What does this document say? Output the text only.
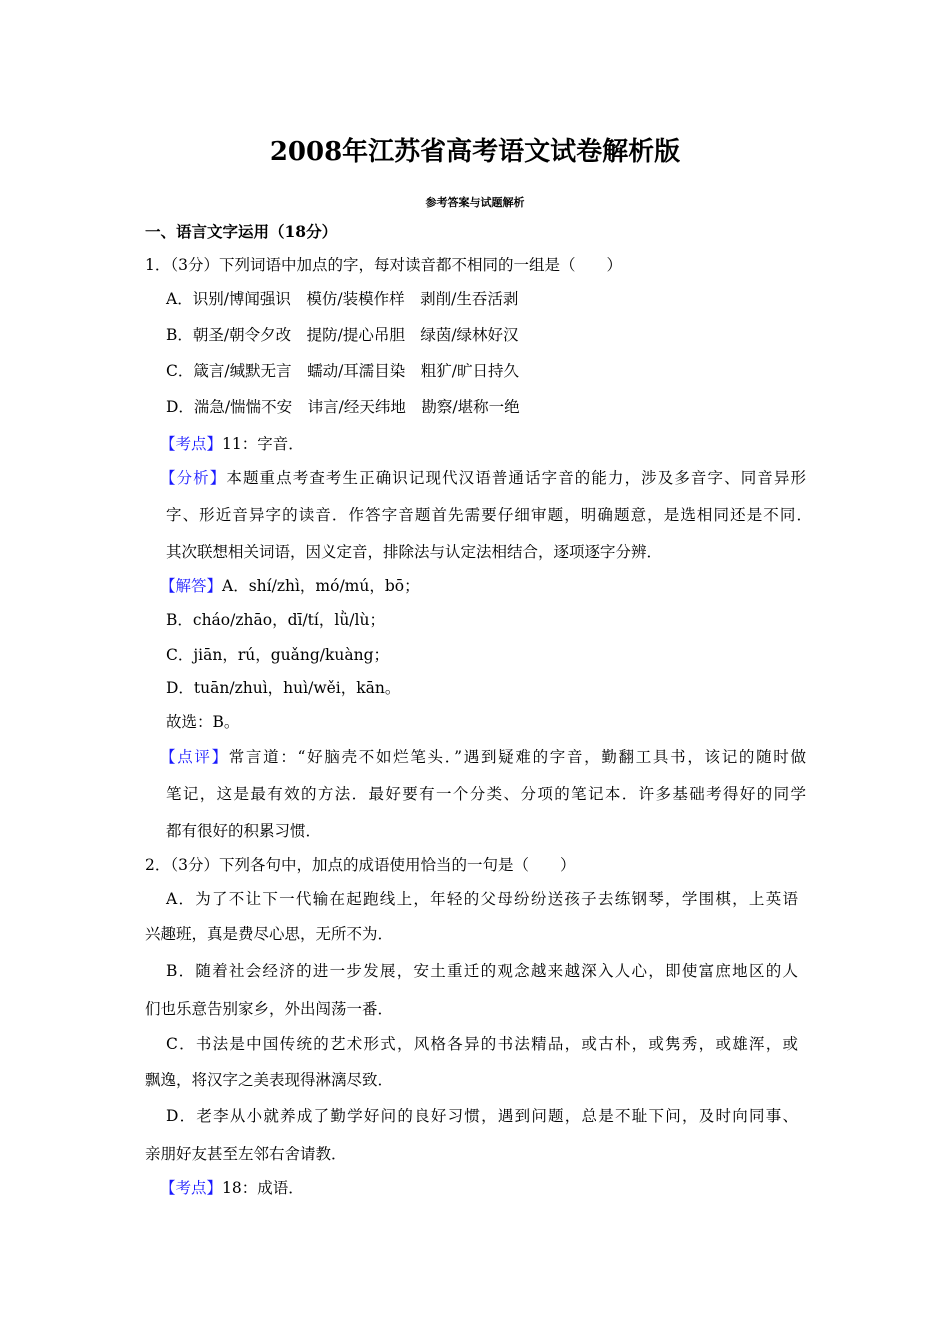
2008年江苏省高考语文试卷解析版
参考答案与试题解析
一、语言文字运用（18分）
1．（3分）下列词语中加点的字，每对读音都不相同的一组是（　　）
A．识别/博闻强识　模仿/装模作样　剥削/生吞活剥
B．朝圣/朝令夕改　提防/提心吊胆　绿茵/绿林好汉
C．箴言/缄默无言　蠕动/耳濡目染　粗犷/旷日持久
D．湍急/惴惴不安　讳言/经天纬地　勘察/堪称一绝
【考点】11：字音．
【分析】本题重点考查考生正确识记现代汉语普通话字音的能力，涉及多音字、同音异形
字、形近音异字的读音．作答字音题首先需要仔细审题，明确题意，是选相同还是不同．
其次联想相关词语，因义定音，排除法与认定法相结合，逐项逐字分辨．
【解答】A．shí/zhì，mó/mú，bō；
B．cháo/zhāo，dī/tí，lǜ/lù；
C．jiān，rú，guǎng/kuàng；
D．tuān/zhuì，huì/wěi，kān。
故选：B。
【点评】常言道：“好脑壳不如烂笔头．”遇到疑难的字音，勤翻工具书，该记的随时做
笔记，这是最有效的方法．最好要有一个分类、分项的笔记本．许多基础考得好的同学
都有很好的积累习惯．
2．（3分）下列各句中，加点的成语使用恰当的一句是（　　）
A．为了不让下一代输在起跑线上，年轻的父母纷纷送孩子去练钢琴，学围棋，上英语
兴趣班，真是费尽心思，无所不为．
B．随着社会经济的进一步发展，安土重迁的观念越来越深入人心，即使富庶地区的人
们也乐意告别家乡，外出闯荡一番．
C．书法是中国传统的艺术形式，风格各异的书法精品，或古朴，或隽秀，或雄浑，或
飘逸，将汉字之美表现得淋漓尽致．
D．老李从小就养成了勤学好问的良好习惯，遇到问题，总是不耻下问，及时向同事、
亲朋好友甚至左邻右舍请教．
【考点】18：成语．
